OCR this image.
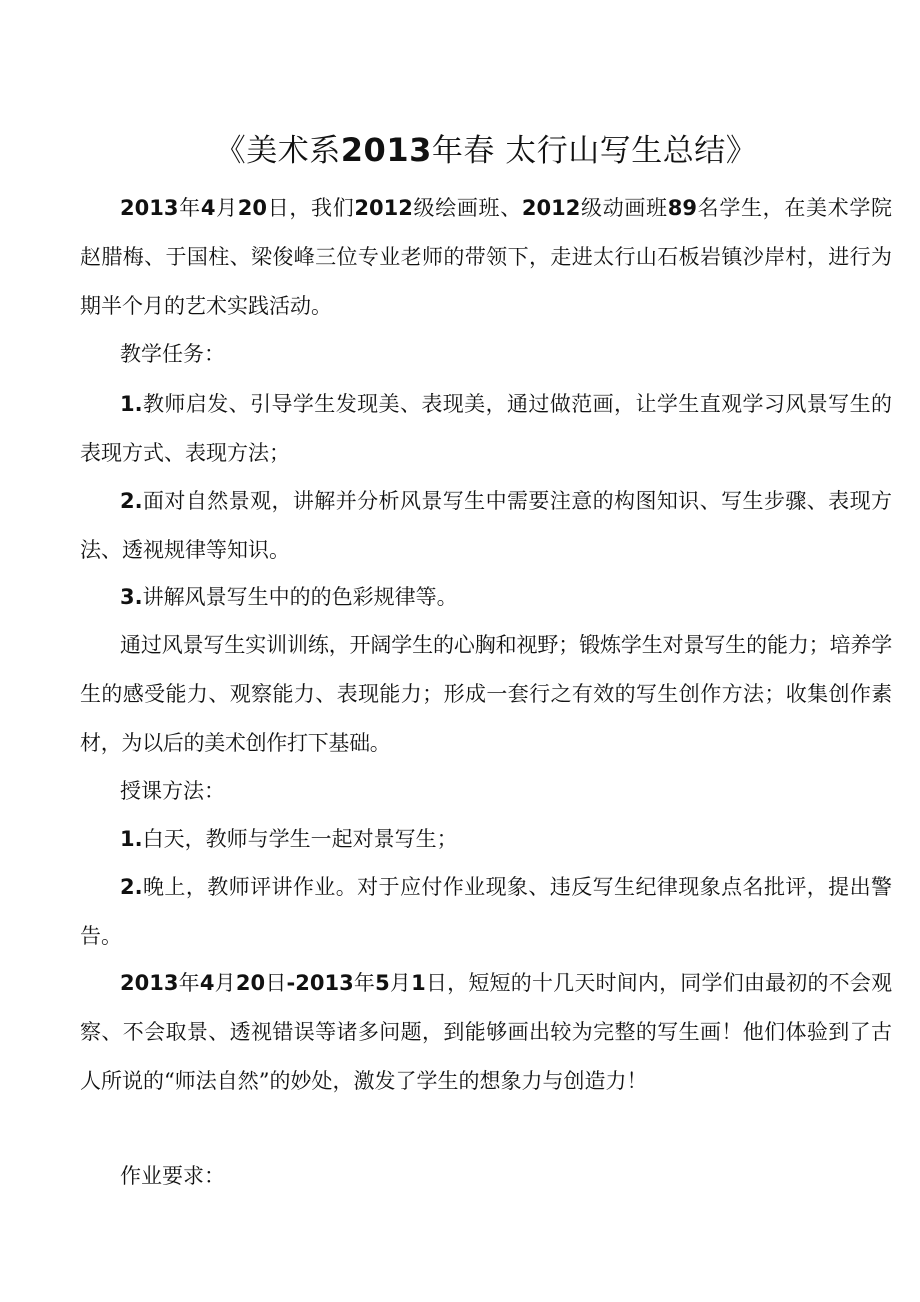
《美术系2013年春 太行山写生总结》

2013年4月20日，我们2012级绘画班、2012级动画班89名学生，在美术学院赵腊梅、于国柱、梁俊峰三位专业老师的带领下，走进太行山石板岩镇沙岸村，进行为期半个月的艺术实践活动。

教学任务：

1.教师启发、引导学生发现美、表现美，通过做范画，让学生直观学习风景写生的表现方式、表现方法；

2.面对自然景观，讲解并分析风景写生中需要注意的构图知识、写生步骤、表现方法、透视规律等知识。

3.讲解风景写生中的的色彩规律等。

通过风景写生实训训练，开阔学生的心胸和视野；锻炼学生对景写生的能力；培养学生的感受能力、观察能力、表现能力；形成一套行之有效的写生创作方法；收集创作素材，为以后的美术创作打下基础。

授课方法：

1.白天，教师与学生一起对景写生；

2.晚上，教师评讲作业。对于应付作业现象、违反写生纪律现象点名批评，提出警告。

2013年4月20日-2013年5月1日，短短的十几天时间内，同学们由最初的不会观察、不会取景、透视错误等诸多问题，到能够画出较为完整的写生画！他们体验到了古人所说的“师法自然”的妙处，激发了学生的想象力与创造力！

作业要求：
